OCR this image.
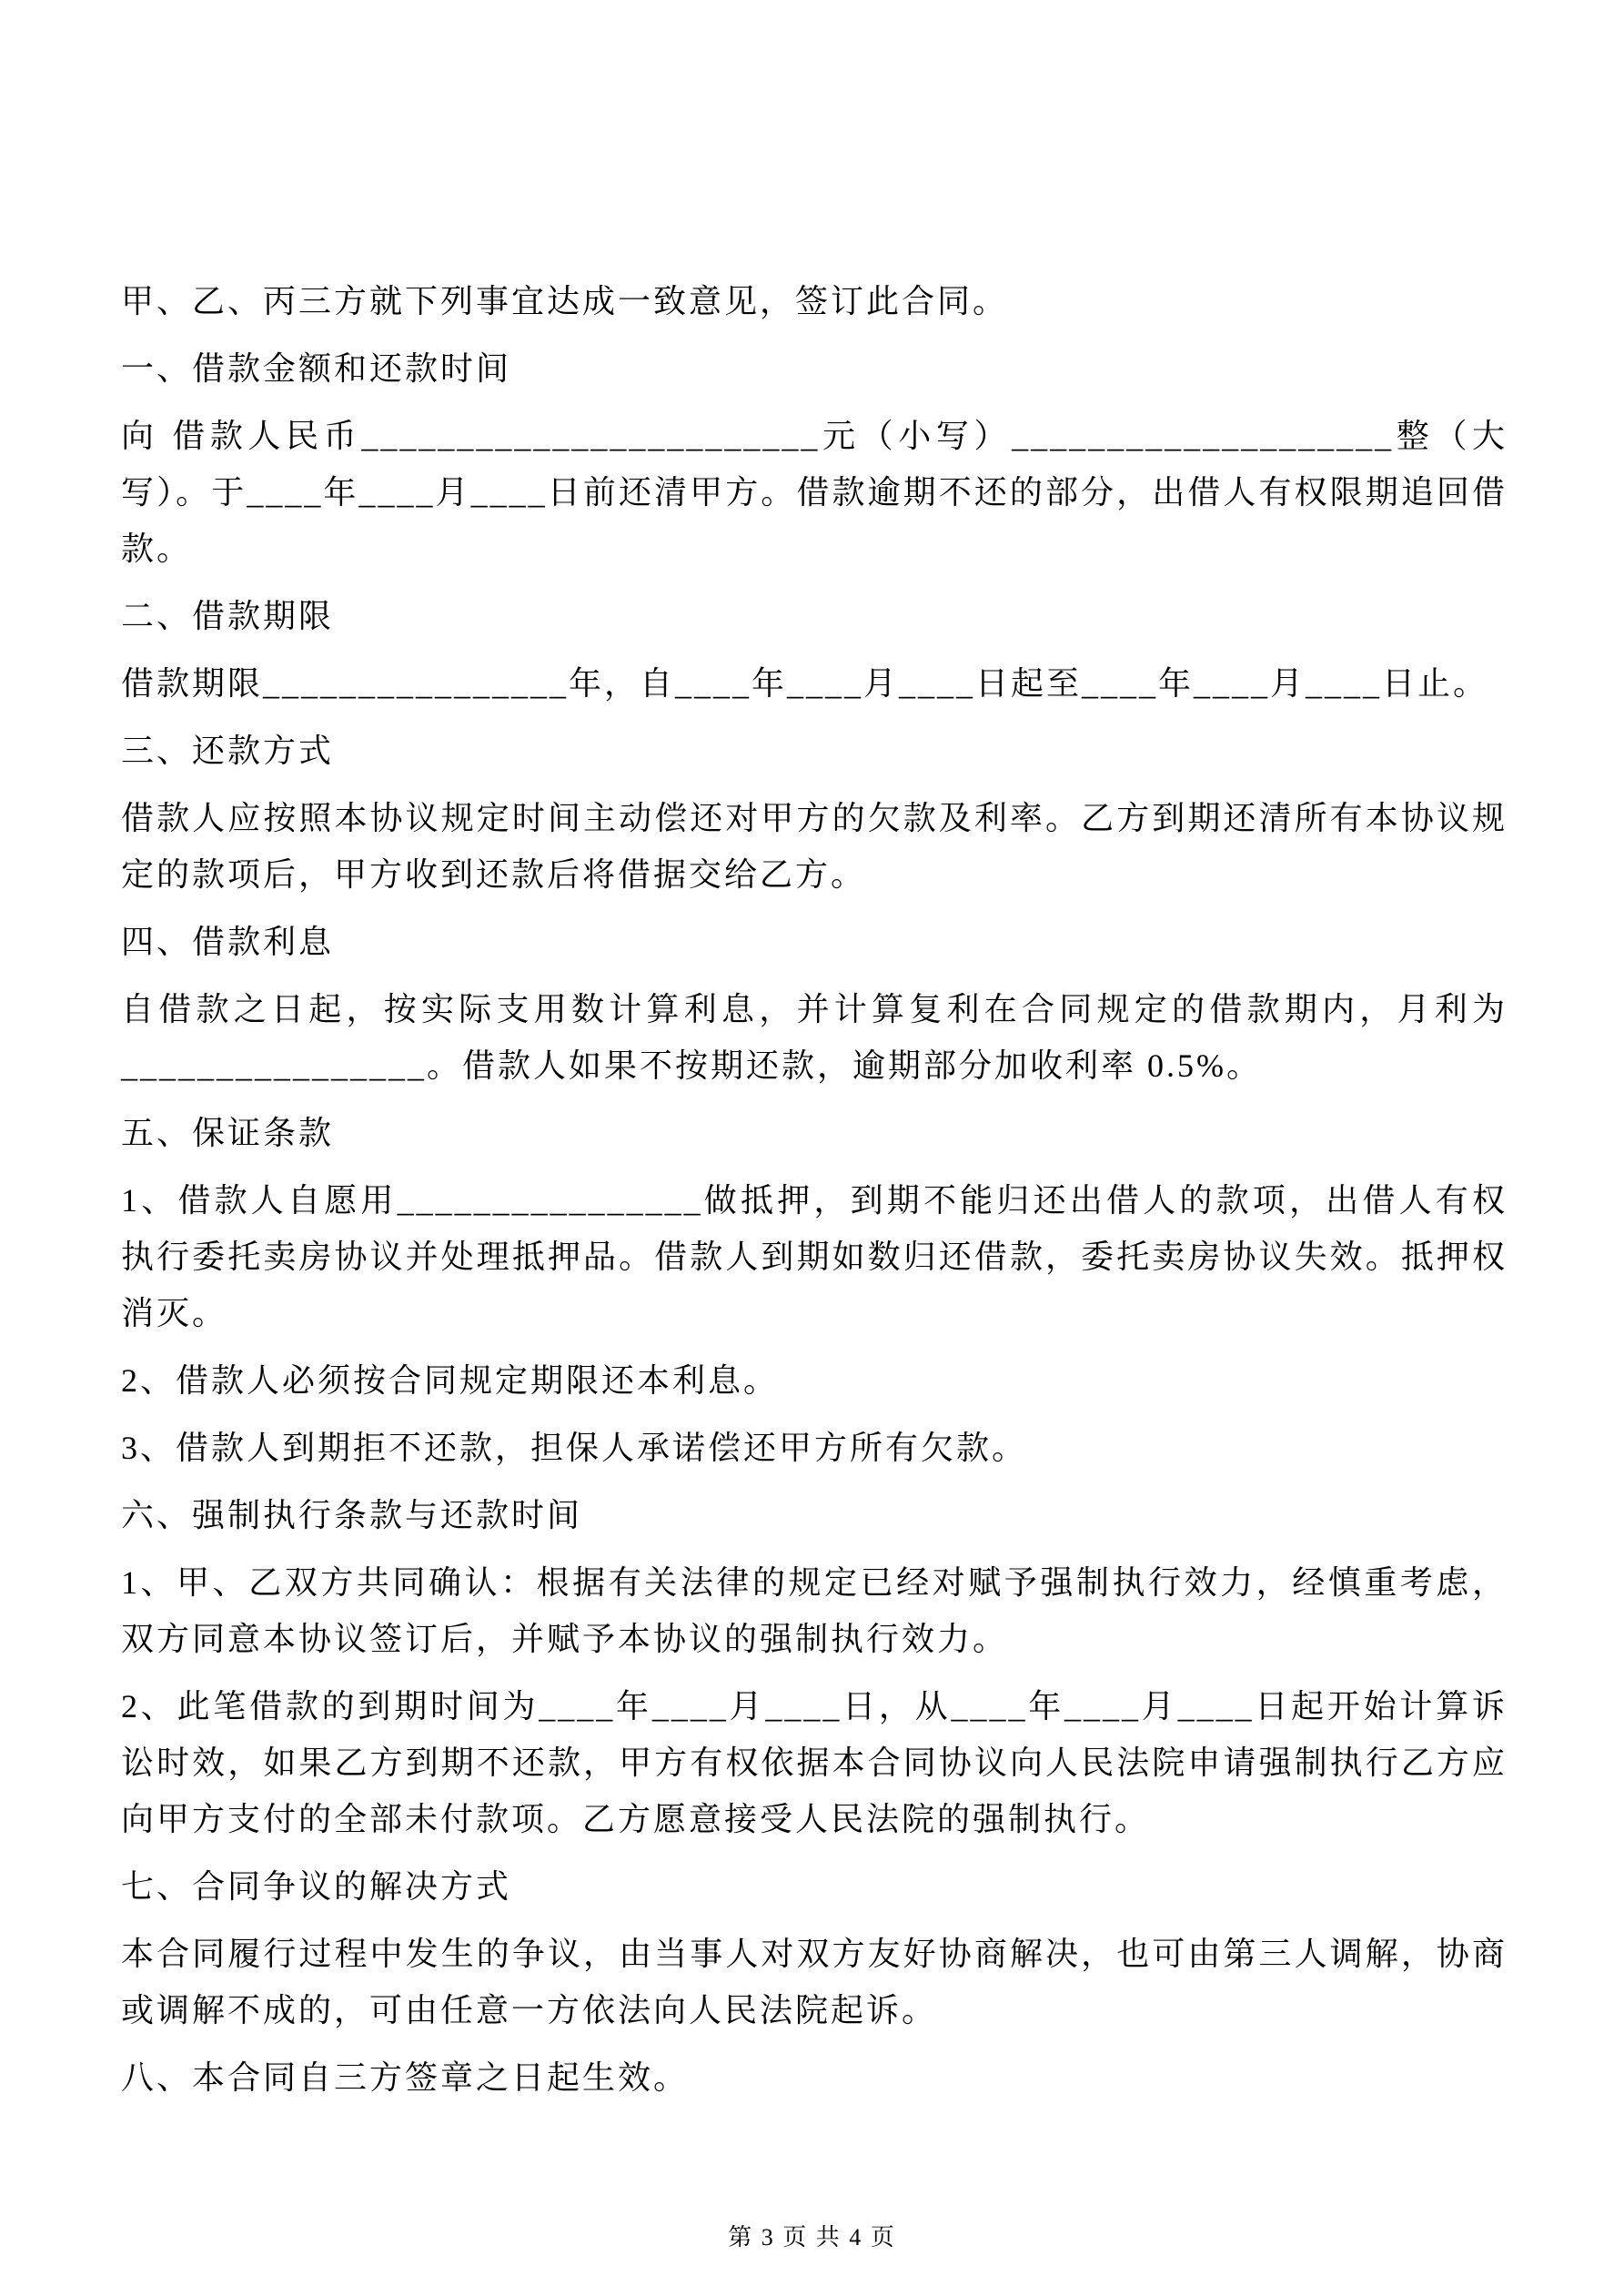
甲、乙、丙三方就下列事宜达成一致意见，签订此合同。

一、借款金额和还款时间

向 借款人民币________________________元（小写）____________________整（大写）。于____年____月____日前还清甲方。借款逾期不还的部分，出借人有权限期追回借款。

二、借款期限

借款期限________________年，自____年____月____日起至____年____月____日止。

三、还款方式

借款人应按照本协议规定时间主动偿还对甲方的欠款及利率。乙方到期还清所有本协议规定的款项后，甲方收到还款后将借据交给乙方。

四、借款利息

自借款之日起，按实际支用数计算利息，并计算复利在合同规定的借款期内，月利为________________。借款人如果不按期还款，逾期部分加收利率 0.5%。

五、保证条款

1、借款人自愿用________________做抵押，到期不能归还出借人的款项，出借人有权执行委托卖房协议并处理抵押品。借款人到期如数归还借款，委托卖房协议失效。抵押权消灭。

2、借款人必须按合同规定期限还本利息。

3、借款人到期拒不还款，担保人承诺偿还甲方所有欠款。

六、强制执行条款与还款时间

1、甲、乙双方共同确认：根据有关法律的规定已经对赋予强制执行效力，经慎重考虑，双方同意本协议签订后，并赋予本协议的强制执行效力。

2、此笔借款的到期时间为____年____月____日，从____年____月____日起开始计算诉讼时效，如果乙方到期不还款，甲方有权依据本合同协议向人民法院申请强制执行乙方应向甲方支付的全部未付款项。乙方愿意接受人民法院的强制执行。

七、合同争议的解决方式

本合同履行过程中发生的争议，由当事人对双方友好协商解决，也可由第三人调解，协商或调解不成的，可由任意一方依法向人民法院起诉。

八、本合同自三方签章之日起生效。

第 3 页 共 4 页
